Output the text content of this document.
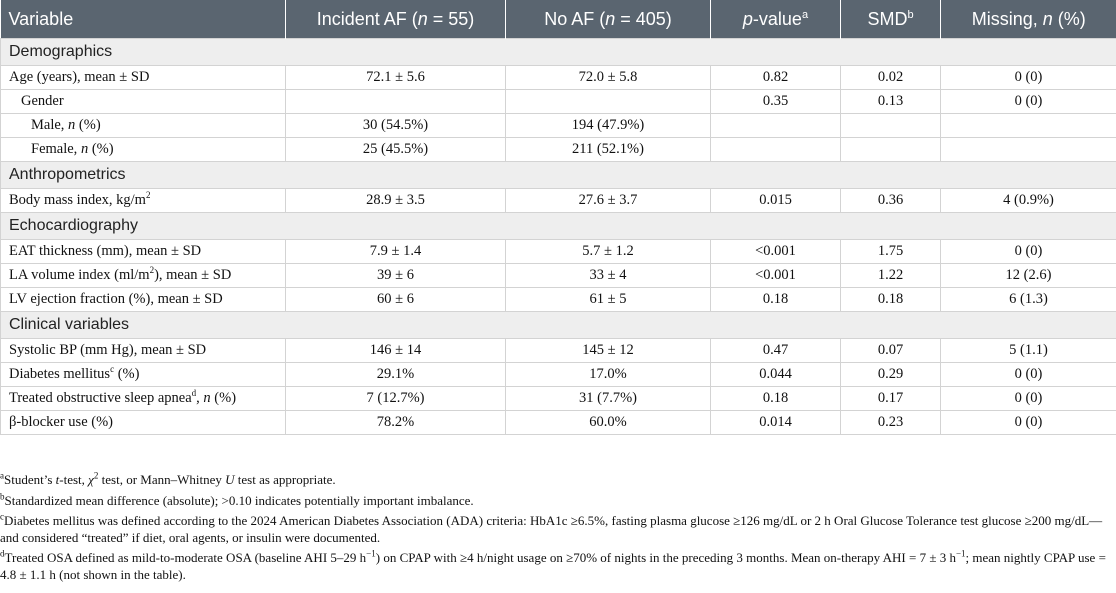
Variable	Incident AF (n = 55)	No AF (n = 405)	p-value$^a$	SMD$^b$	Missing, n (%)
Demographics					
Age (years), mean ± SD	72.1 ± 5.6	72.0 ± 5.8	0.82	0.02	0 (0)
Gender			0.35	0.13	0 (0)
Male, n (%)	30 (54.5%)	194 (47.9%)			
Female, n (%)	25 (45.5%)	211 (52.1%)			
Anthropometrics					
Body mass index, $kg/m^2$	28.9 ± 3.5	27.6 ± 3.7	0.015	0.36	4 (0.9%)
Echocardiography					
EAT thickness (mm), mean ± SD	7.9 ± 1.4	5.7 ± 1.2	<0.001	1.75	0 (0)
LA volume index $(ml/m^2)$, mean ± SD	39 ± 6	33 ± 4	<0.001	1.22	12 (2.6)
LV ejection fraction (%), mean ± SD	60 ± 6	61 ± 5	0.18	0.18	6 (1.3)
Clinical variables					
Systolic BP (mm Hg), mean ± SD	146 ± 14	145 ± 12	0.47	0.07	5 (1.1)
Diabetes mellitus$^c$ (%)	29.1%	17.0%	0.044	0.29	0 (0)
Treated obstructive sleep apnea$^d$, n (%)	7 (12.7%)	31 (7.7%)	0.18	0.17	0 (0)
β-blocker use (%)	78.2%	60.0%	0.014	0.23	0 (0)

$^a$Student’s t-test, $\chi^2$ test, or Mann–Whitney U test as appropriate.

$^b$Standardized mean difference (absolute); >0.10 indicates potentially important imbalance.

$^c$Diabetes mellitus was defined according to the 2024 American Diabetes Association (ADA) criteria: HbA1c ≥6.5%, fasting plasma glucose ≥126 mg/dL or 2 h Oral Glucose Tolerance test glucose ≥200 mg/dL—and considered “treated” if diet, oral agents, or insulin were documented.

$^d$Treated OSA defined as mild-to-moderate OSA (baseline AHI 5–29 $h^{-1}$) on CPAP with ≥4 h/night usage on ≥70% of nights in the preceding 3 months. Mean on-therapy AHI = 7 ± 3 $h^{-1}$; mean nightly CPAP use = 4.8 ± 1.1 h (not shown in the table).
